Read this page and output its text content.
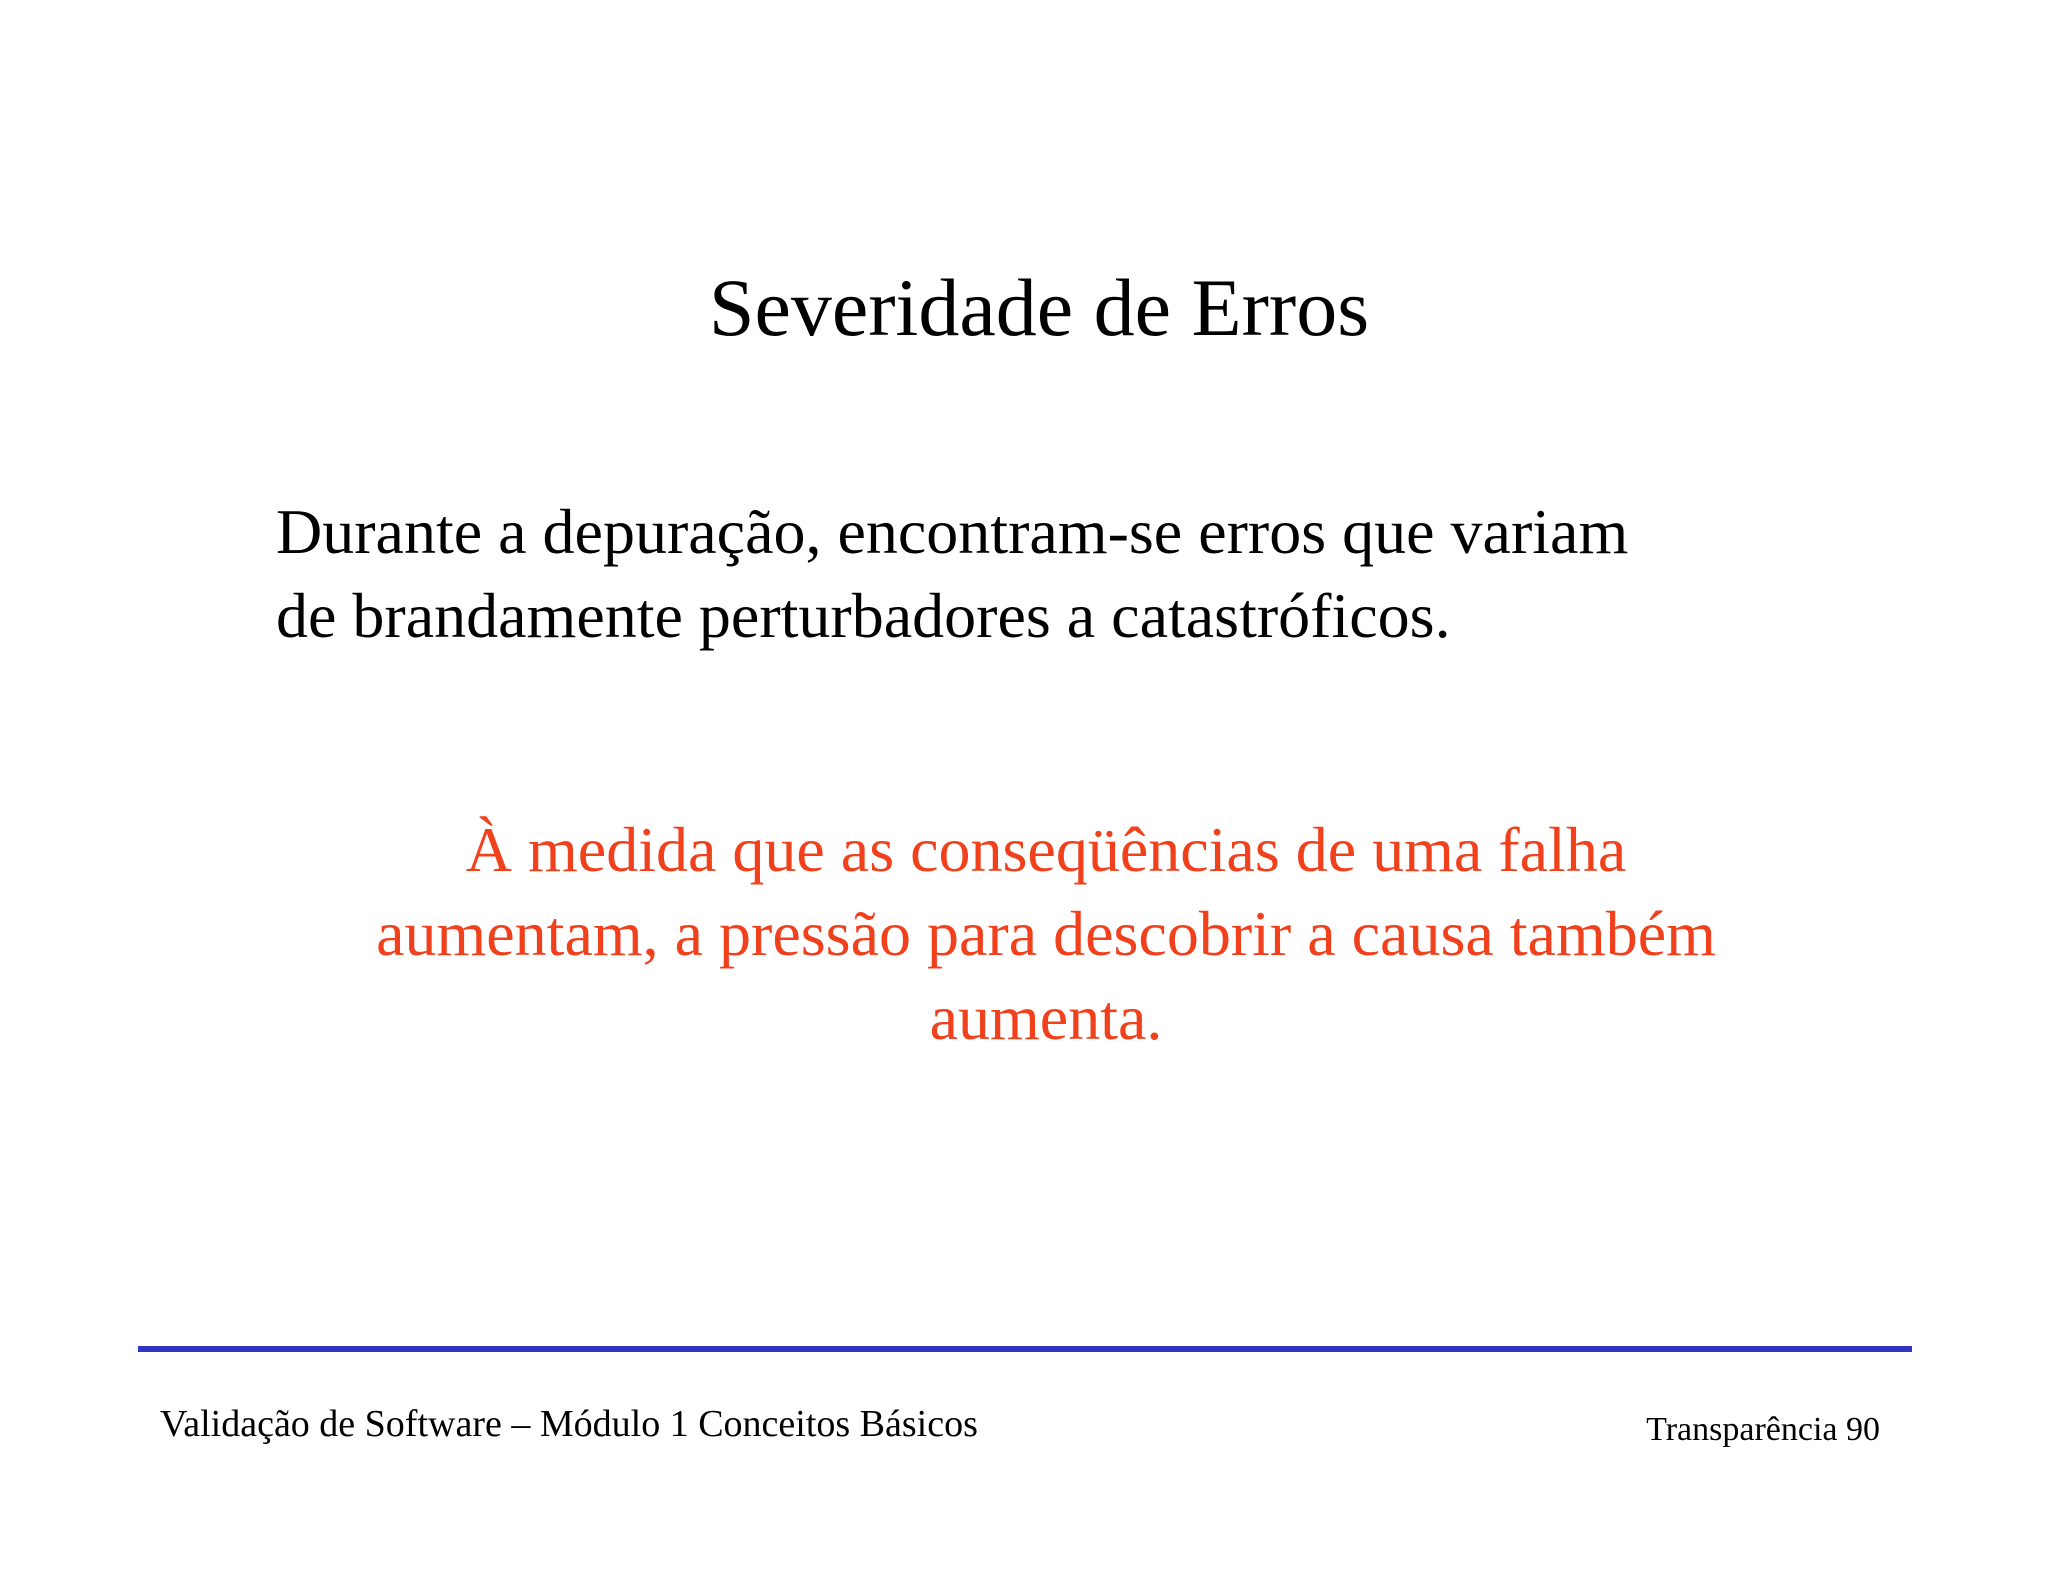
Severidade de Erros

Durante a depuração, encontram-se erros que variam
de brandamente perturbadores a catastróficos.

À medida que as conseqüências de uma falha
aumentam, a pressão para descobrir a causa também
aumenta.

Validação de Software – Módulo 1 Conceitos Básicos	Transparência 90
